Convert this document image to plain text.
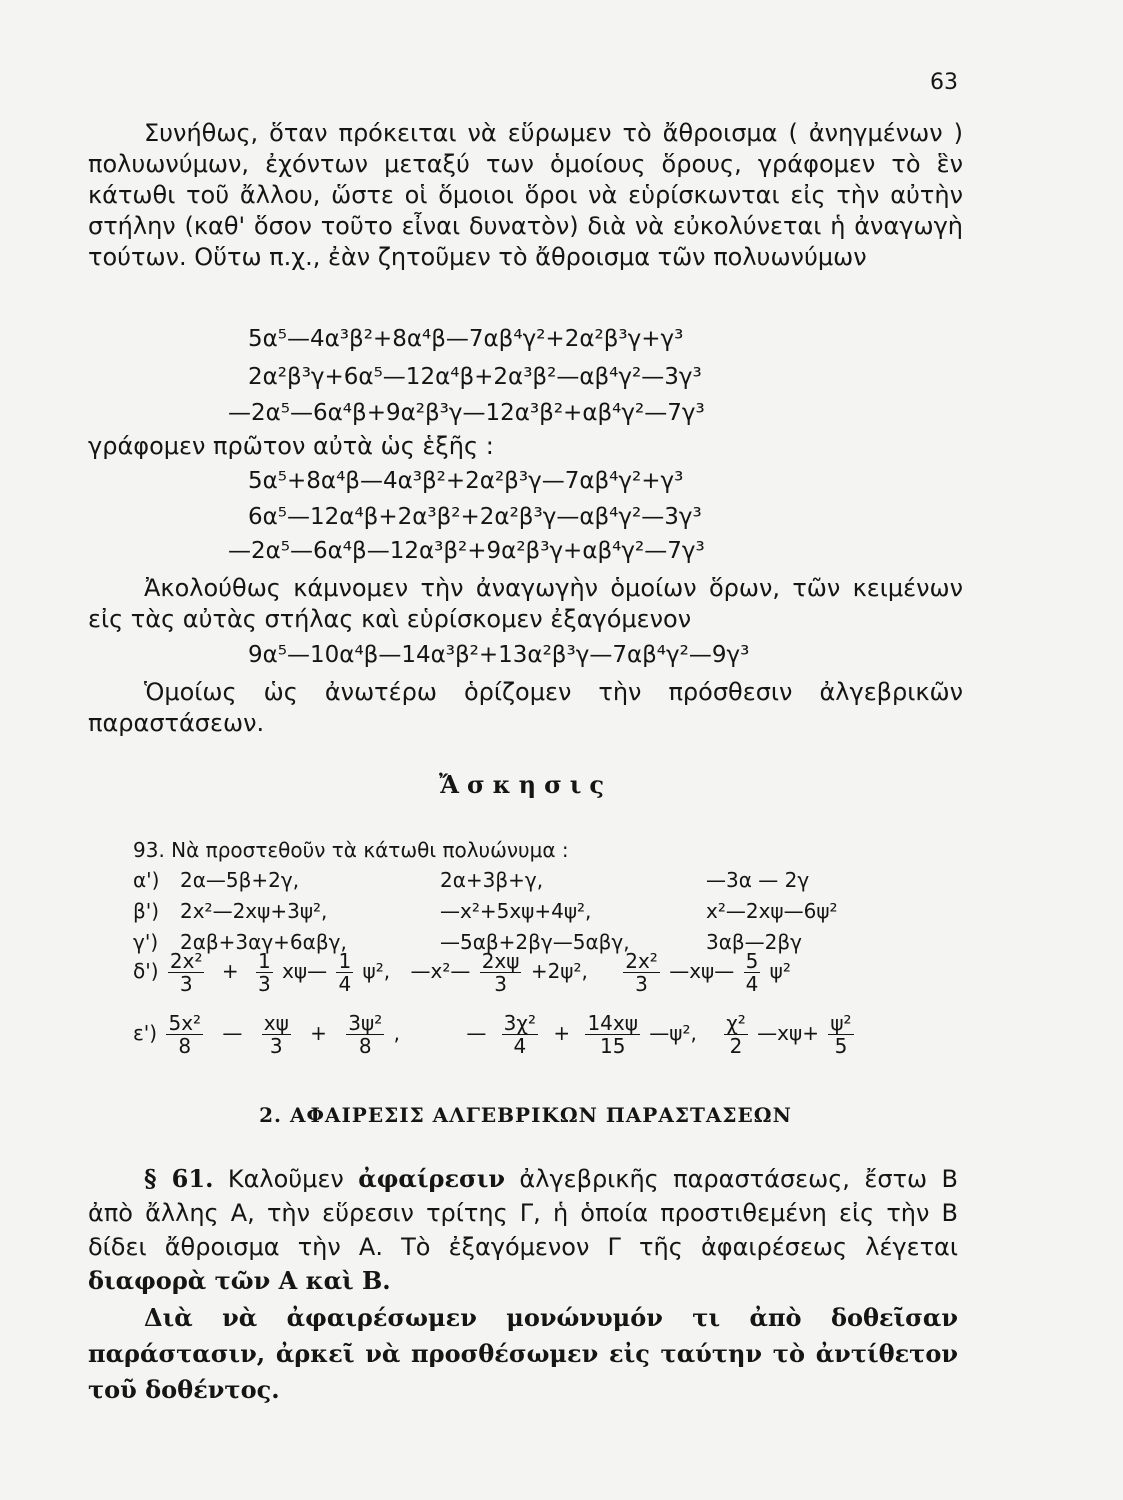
63
Συνήθως, ὅταν πρόκειται νὰ εὕρωμεν τὸ ἄθροισμα ( ἀνηγμένων ) πολυωνύμων, ἐχόντων μεταξύ των ὁμοίους ὅρους, γράφομεν τὸ ἓν κάτωθι τοῦ ἄλλου, ὥστε οἱ ὅμοιοι ὅροι νὰ εὑρίσκωνται εἰς τὴν αὐτὴν στήλην (καθ' ὅσον τοῦτο εἶναι δυνατὸν) διὰ νὰ εὐκολύνεται ἡ ἀναγωγὴ τούτων. Οὕτω π.χ., ἐὰν ζητοῦμεν τὸ ἄθροισμα τῶν πολυωνύμων
5α⁵—4α³β²+8α⁴β—7αβ⁴γ²+2α²β³γ+γ³
2α²β³γ+6α⁵—12α⁴β+2α³β²—αβ⁴γ²—3γ³
—2α⁵—6α⁴β+9α²β³γ—12α³β²+αβ⁴γ²—7γ³
γράφομεν πρῶτον αὐτὰ ὡς ἑξῆς :
5α⁵+8α⁴β—4α³β²+2α²β³γ—7αβ⁴γ²+γ³
6α⁵—12α⁴β+2α³β²+2α²β³γ—αβ⁴γ²—3γ³
—2α⁵—6α⁴β—12α³β²+9α²β³γ+αβ⁴γ²—7γ³
Ἀκολούθως κάμνομεν τὴν ἀναγωγὴν ὁμοίων ὅρων, τῶν κειμένων εἰς τὰς αὐτὰς στήλας καὶ εὑρίσκομεν ἐξαγόμενον
9α⁵—10α⁴β—14α³β²+13α²β³γ—7αβ⁴γ²—9γ³
Ὁμοίως ὡς ἀνωτέρω ὁρίζομεν τὴν πρόσθεσιν ἀλγεβρικῶν παραστάσεων.
Ἄσκησις
93. Νὰ προστεθοῦν τὰ κάτωθι πολυώνυμα :
α') 2α—5β+2γ,	2α+3β+γ,	—3α — 2γ
β') 2x²—2xψ+3ψ²,	—x²+5xψ+4ψ²,	x²—2xψ—6ψ²
γ') 2αβ+3αγ+6αβγ,	—5αβ+2βγ—5αβγ,	3αβ—2βγ
$\delta') \frac{\text{2x²}}{3} + \frac{1}{3}$ xψ— $\frac{1}{4} \psi^2$, —x²— $\frac{2x\psi}{3} +2\psi^2$, $\frac{\text{2x²}}{3}$ —xψ— $\frac{5}{4} \psi^2$
$\varepsilon') \frac{\text{5x²}}{8}$ — $\frac{x\psi}{3} + \frac{\text{3ψ²}}{8}$ ,	— $\frac{\text{3χ²}}{4} + \frac{14x\psi}{15}$ —ψ², $\frac{\text{χ²}}{2}$ —xψ+ $\frac{\text{ψ²}}{5}$
2. ΑΦΑΙΡΕΣΙΣ ΑΛΓΕΒΡΙΚΩΝ ΠΑΡΑΣΤΑΣΕΩΝ
§ 61. Καλοῦμεν ἀφαίρεσιν ἀλγεβρικῆς παραστάσεως, ἔστω Β ἀπὸ ἄλλης Α, τὴν εὕρεσιν τρίτης Γ, ἡ ὁποία προστιθεμένη εἰς τὴν Β δίδει ἄθροισμα τὴν Α. Τὸ ἐξαγόμενον Γ τῆς ἀφαιρέσεως λέγεται διαφορὰ τῶν Α καὶ Β.
Διὰ νὰ ἀφαιρέσωμεν μονώνυμόν τι ἀπὸ δοθεῖσαν παράστασιν, ἀρκεῖ νὰ προσθέσωμεν εἰς ταύτην τὸ ἀντίθετον τοῦ δοθέντος.
